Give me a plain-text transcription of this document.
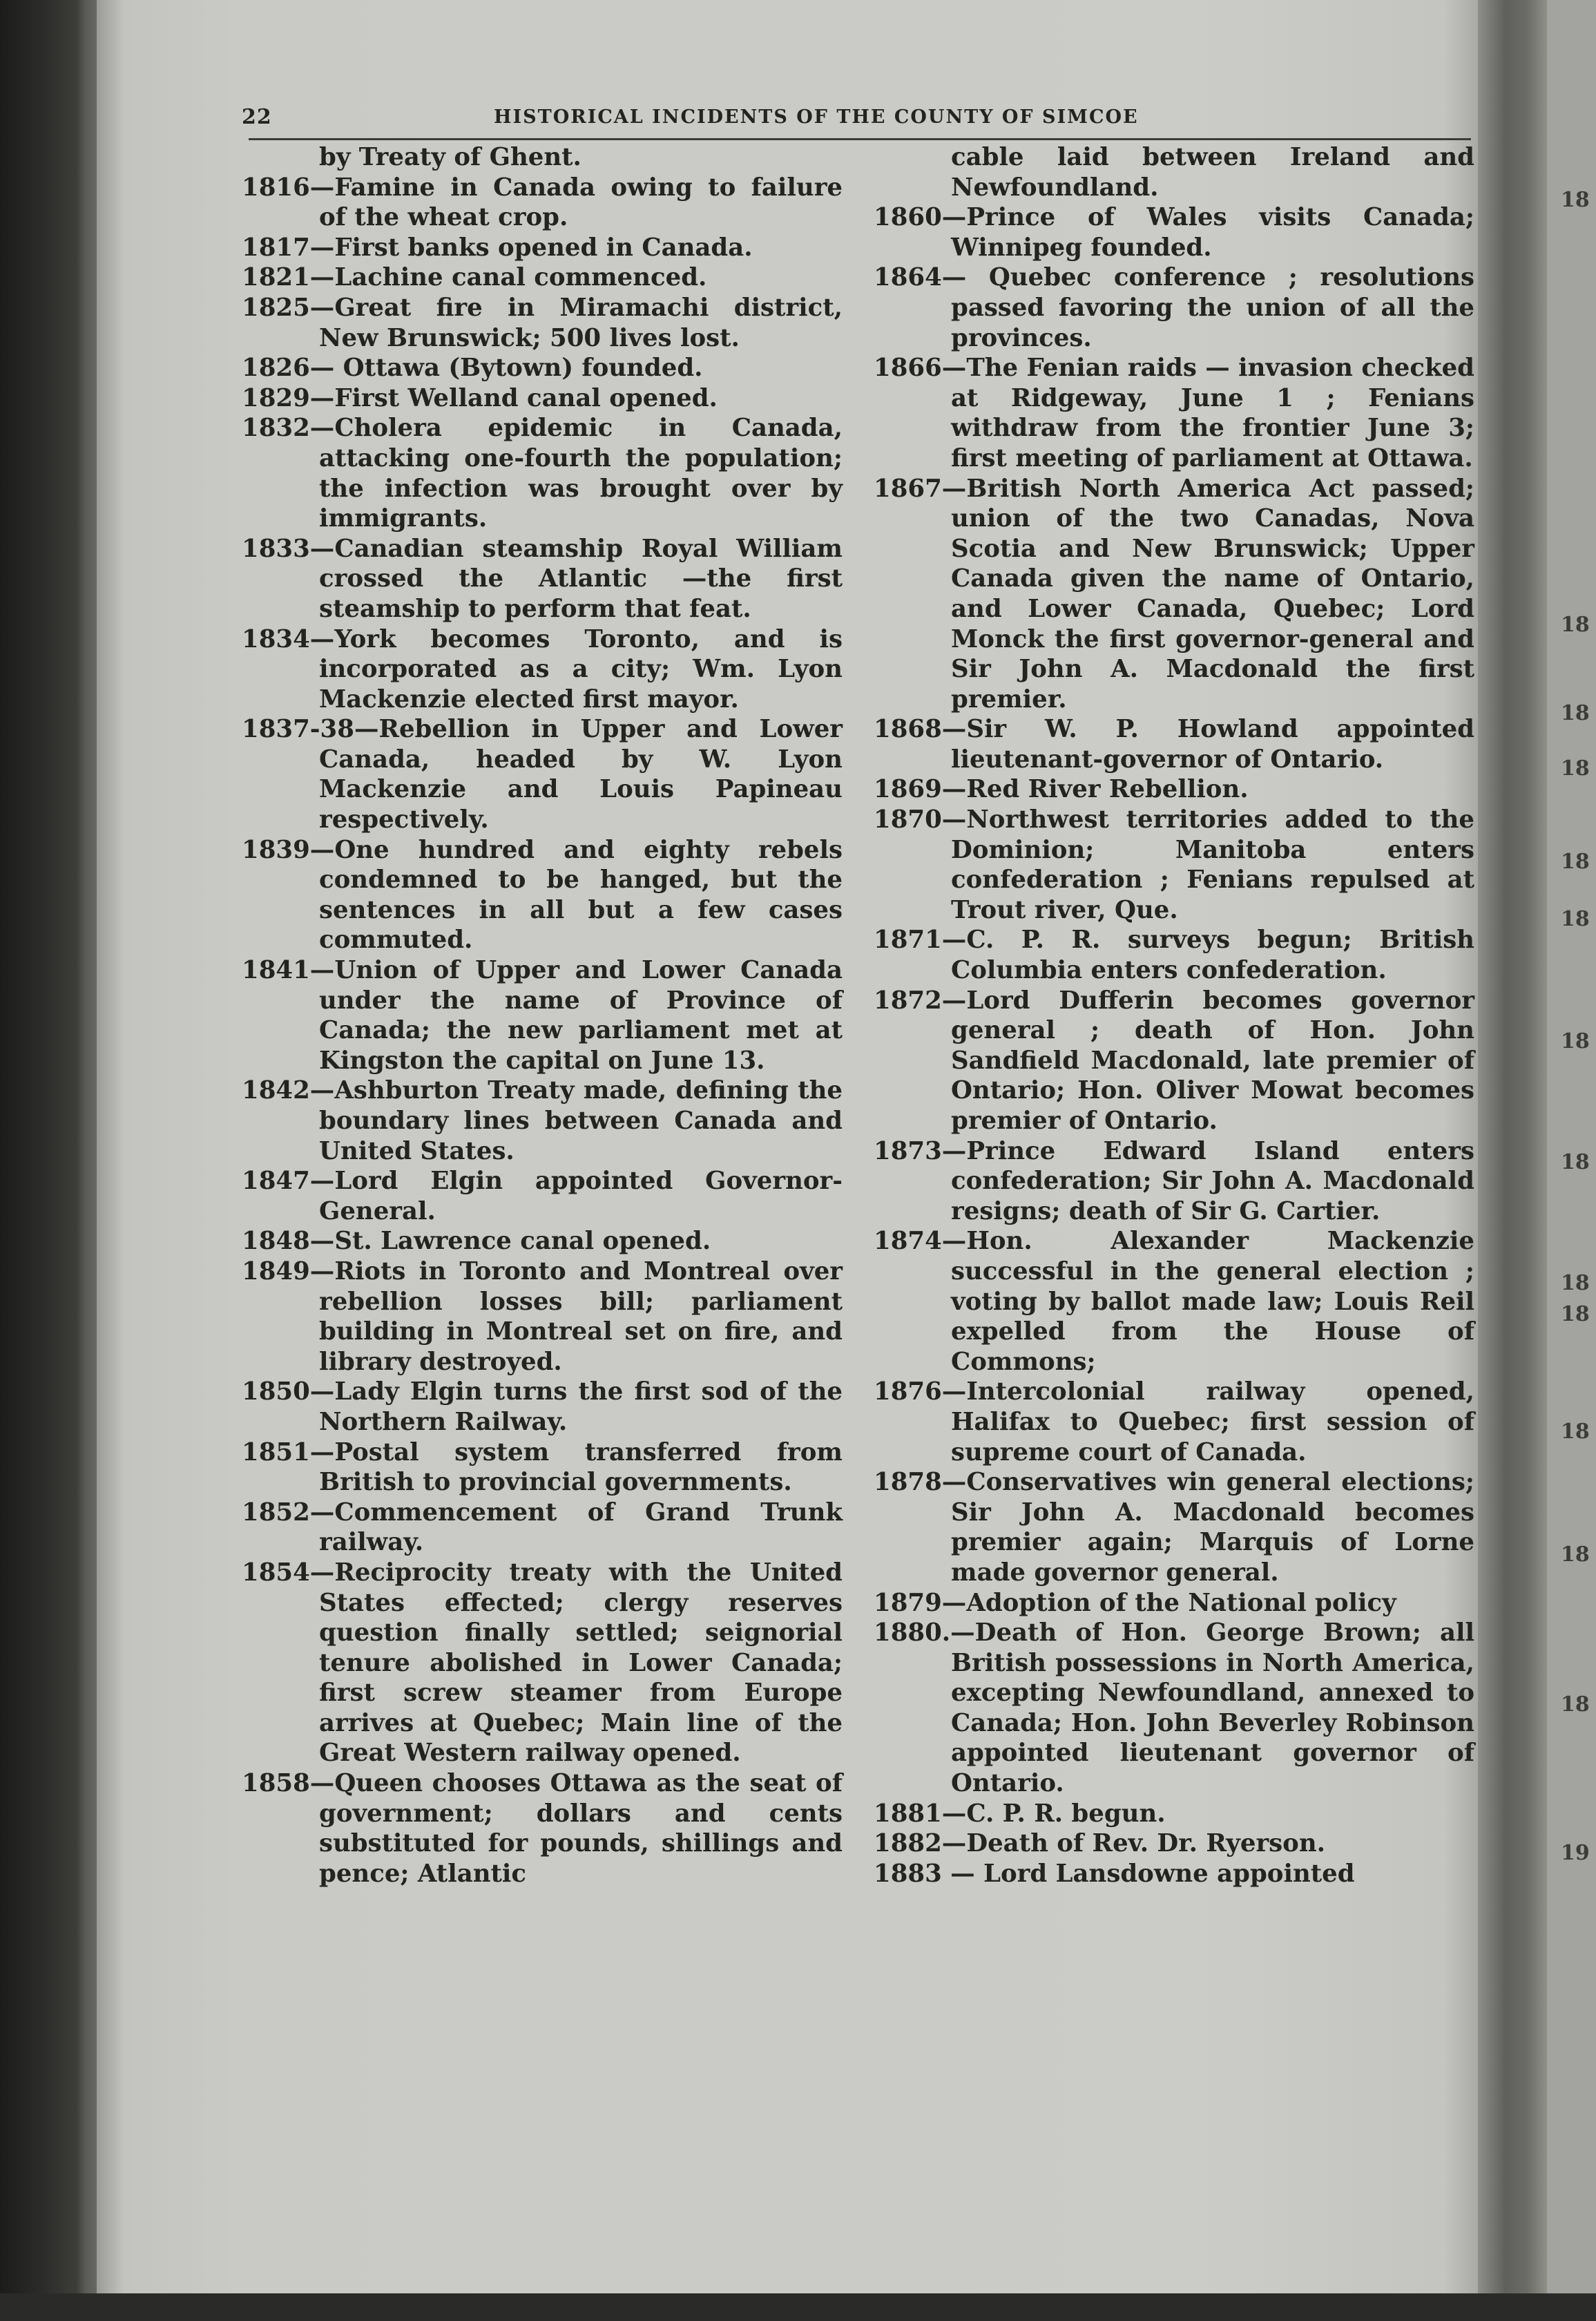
18
18
18
18
18
18
18
18
18
18
18
18
18
19
22	HISTORICAL INCIDENTS OF THE COUNTY OF SIMCOE

by Treaty of Ghent.

1816—Famine in Canada owing to failure of the wheat crop.

1817—First banks opened in Canada.

1821—Lachine canal commenced.

1825—Great fire in Miramachi district, New Brunswick; 500 lives lost.

1826— Ottawa (Bytown) founded.

1829—First Welland canal opened.

1832—Cholera epidemic in Canada, attacking one-fourth the population; the infection was brought over by immigrants.

1833—Canadian steamship Royal William crossed the Atlantic —the first steamship to perform that feat.

1834—York becomes Toronto, and is incorporated as a city; Wm. Lyon Mackenzie elected first mayor.

1837-38—Rebellion in Upper and Lower Canada, headed by W. Lyon Mackenzie and Louis Papineau respectively.

1839—One hundred and eighty rebels condemned to be hanged, but the sentences in all but a few cases commuted.

1841—Union of Upper and Lower Canada under the name of Province of Canada; the new parliament met at Kingston the capital on June 13.

1842—Ashburton Treaty made, defining the boundary lines between Canada and United States.

1847—Lord Elgin appointed Governor-General.

1848—St. Lawrence canal opened.

1849—Riots in Toronto and Montreal over rebellion losses bill; parliament building in Montreal set on fire, and library destroyed.

1850—Lady Elgin turns the first sod of the Northern Railway.

1851—Postal system transferred from British to provincial governments.

1852—Commencement of Grand Trunk railway.

1854—Reciprocity treaty with the United States effected; clergy reserves question finally settled; seignorial tenure abolished in Lower Canada; first screw steamer from Europe arrives at Quebec; Main line of the Great Western railway opened.

1858—Queen chooses Ottawa as the seat of government; dollars and cents substituted for pounds, shillings and pence; Atlantic

cable laid between Ireland and Newfoundland.

1860—Prince of Wales visits Canada; Winnipeg founded.

1864— Quebec conference ; resolutions passed favoring the union of all the provinces.

1866—The Fenian raids — invasion checked at Ridgeway, June 1 ; Fenians withdraw from the frontier June 3; first meeting of parliament at Ottawa.

1867—British North America Act passed; union of the two Canadas, Nova Scotia and New Brunswick; Upper Canada given the name of Ontario, and Lower Canada, Quebec; Lord Monck the first governor-general and Sir John A. Macdonald the first premier.

1868—Sir W. P. Howland appointed lieutenant-governor of Ontario.

1869—Red River Rebellion.

1870—Northwest territories added to the Dominion; Manitoba enters confederation ; Fenians repulsed at Trout river, Que.

1871—C. P. R. surveys begun; British Columbia enters confederation.

1872—Lord Dufferin becomes governor general ; death of Hon. John Sandfield Macdonald, late premier of Ontario; Hon. Oliver Mowat becomes premier of Ontario.

1873—Prince Edward Island enters confederation; Sir John A. Macdonald resigns; death of Sir G. Cartier.

1874—Hon. Alexander Mackenzie successful in the general election ; voting by ballot made law; Louis Reil expelled from the House of Commons;

1876—Intercolonial railway opened, Halifax to Quebec; first session of supreme court of Canada.

1878—Conservatives win general elections; Sir John A. Macdonald becomes premier again; Marquis of Lorne made governor general.

1879—Adoption of the National policy

1880.—Death of Hon. George Brown; all British possessions in North America, excepting Newfoundland, annexed to Canada; Hon. John Beverley Robinson appointed lieutenant governor of Ontario.

1881—C. P. R. begun.

1882—Death of Rev. Dr. Ryerson.

1883 — Lord Lansdowne appointed
